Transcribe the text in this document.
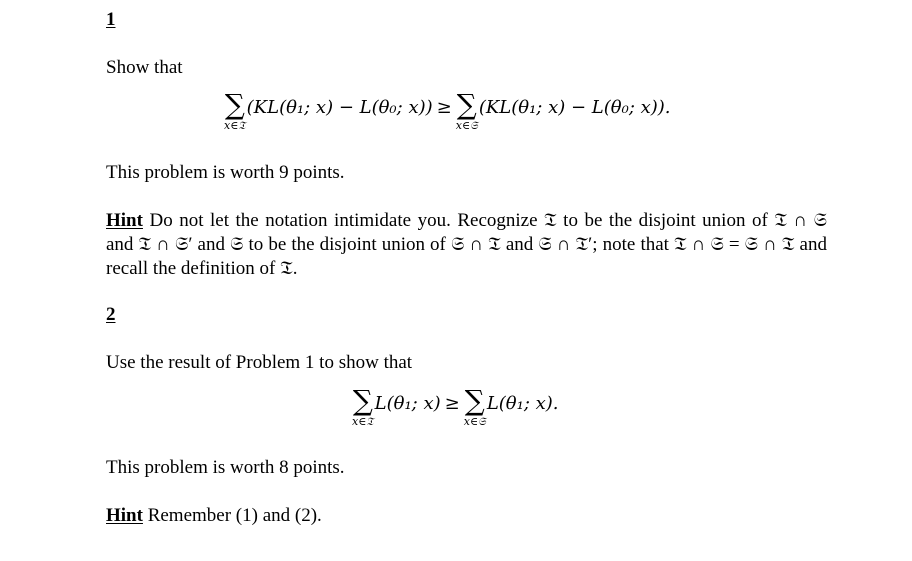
1
Show that
∑
x∈𝔗
(KL(θ₁; x) − L(θ₀; x)) ≥ ∑
x∈𝔖
(KL(θ₁; x) − L(θ₀; x)).
This problem is worth 9 points.
Hint Do not let the notation intimidate you. Recognize 𝔗 to be the disjoint union of 𝔗 ∩ 𝔖 and 𝔗 ∩ 𝔖′ and 𝔖 to be the disjoint union of 𝔖 ∩ 𝔗 and 𝔖 ∩ 𝔗′; note that 𝔗 ∩ 𝔖 = 𝔖 ∩ 𝔗 and recall the definition of 𝔗.
2
Use the result of Problem 1 to show that
∑
x∈𝔗
L(θ₁; x) ≥ ∑
x∈𝔖
L(θ₁; x).
This problem is worth 8 points.
Hint Remember (1) and (2).
